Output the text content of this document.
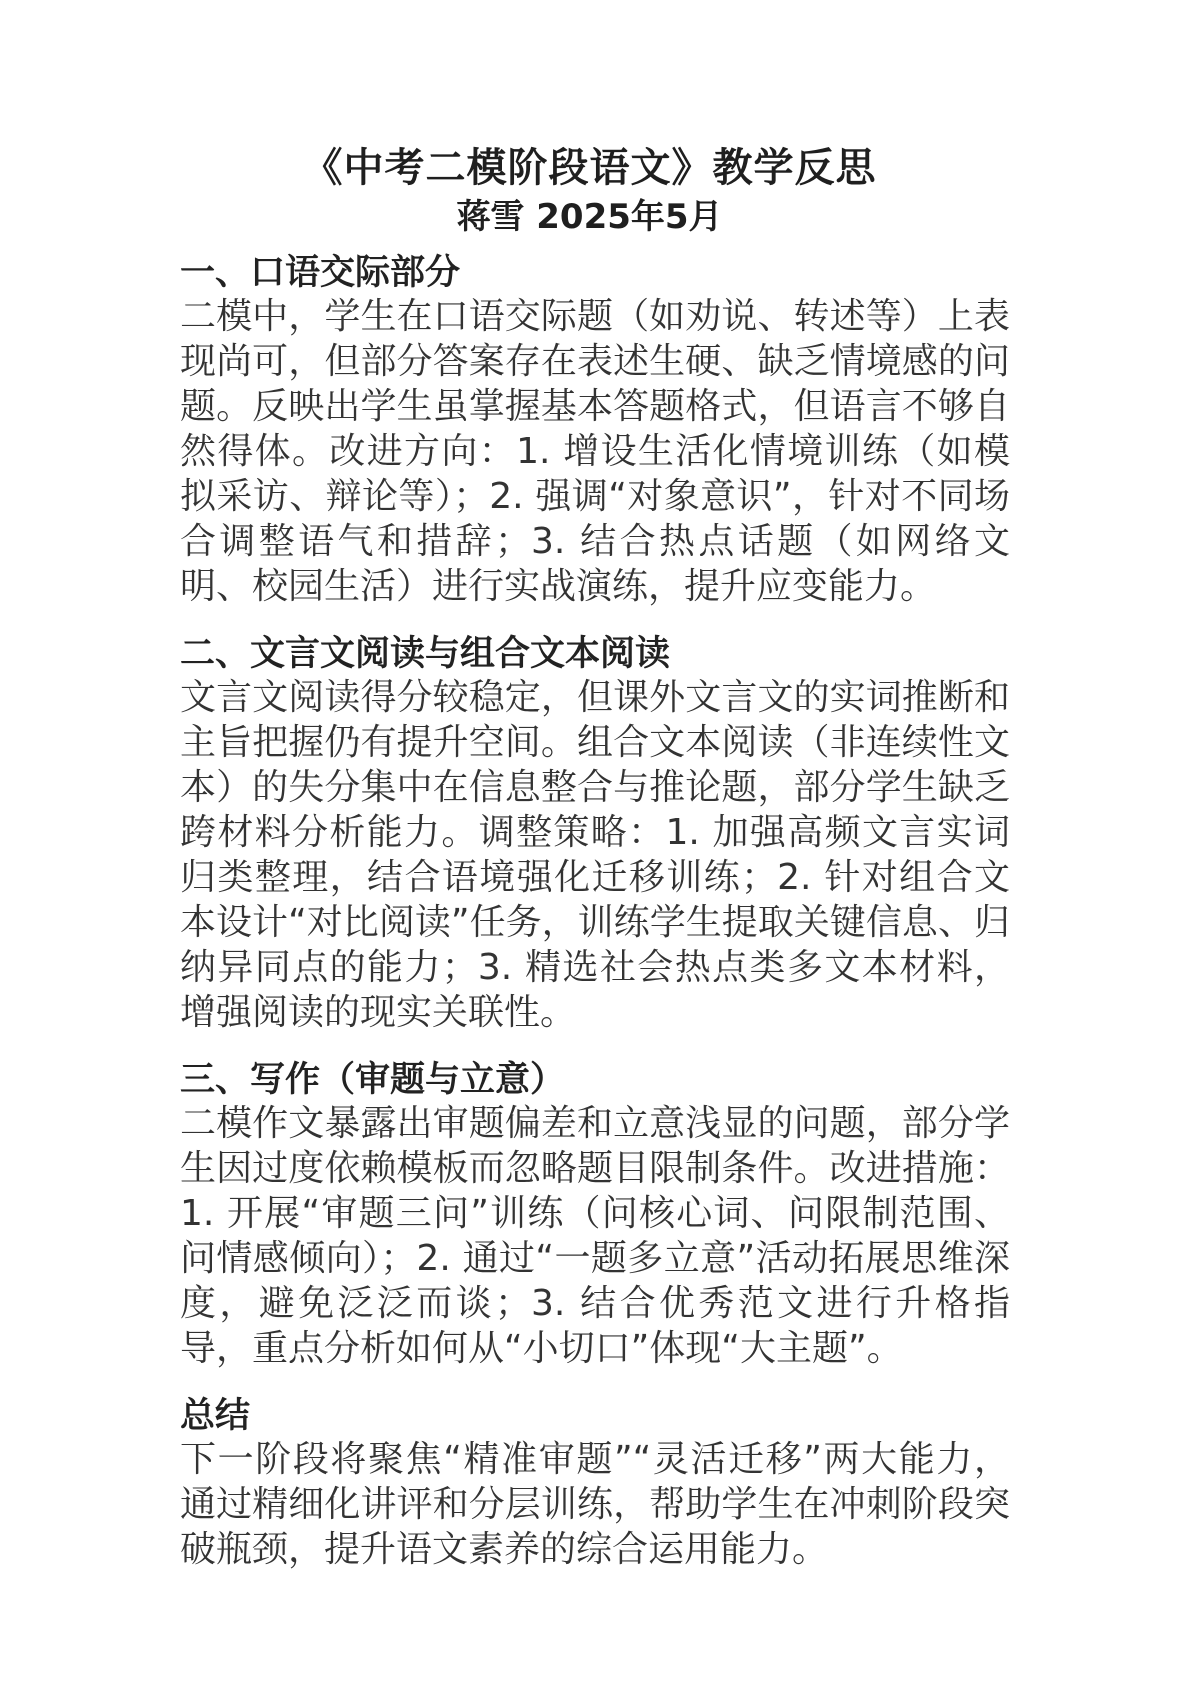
《中考二模阶段语文》教学反思
蒋雪 2025年5月
一、口语交际部分
二模中，学生在口语交际题（如劝说、转述等）上表现尚可，但部分答案存在表述生硬、缺乏情境感的问题。反映出学生虽掌握基本答题格式，但语言不够自然得体。改进方向：1. 增设生活化情境训练（如模拟采访、辩论等）；2. 强调“对象意识”，针对不同场合调整语气和措辞；3. 结合热点话题（如网络文明、校园生活）进行实战演练，提升应变能力。
二、文言文阅读与组合文本阅读
文言文阅读得分较稳定，但课外文言文的实词推断和主旨把握仍有提升空间。组合文本阅读（非连续性文本）的失分集中在信息整合与推论题，部分学生缺乏跨材料分析能力。调整策略：1. 加强高频文言实词归类整理，结合语境强化迁移训练；2. 针对组合文本设计“对比阅读”任务，训练学生提取关键信息、归纳异同点的能力；3. 精选社会热点类多文本材料，增强阅读的现实关联性。
三、写作（审题与立意）
二模作文暴露出审题偏差和立意浅显的问题，部分学生因过度依赖模板而忽略题目限制条件。改进措施：1. 开展“审题三问”训练（问核心词、问限制范围、问情感倾向）；2. 通过“一题多立意”活动拓展思维深度，避免泛泛而谈；3. 结合优秀范文进行升格指导，重点分析如何从“小切口”体现“大主题”。
总结
下一阶段将聚焦“精准审题”“灵活迁移”两大能力，通过精细化讲评和分层训练，帮助学生在冲刺阶段突破瓶颈，提升语文素养的综合运用能力。
